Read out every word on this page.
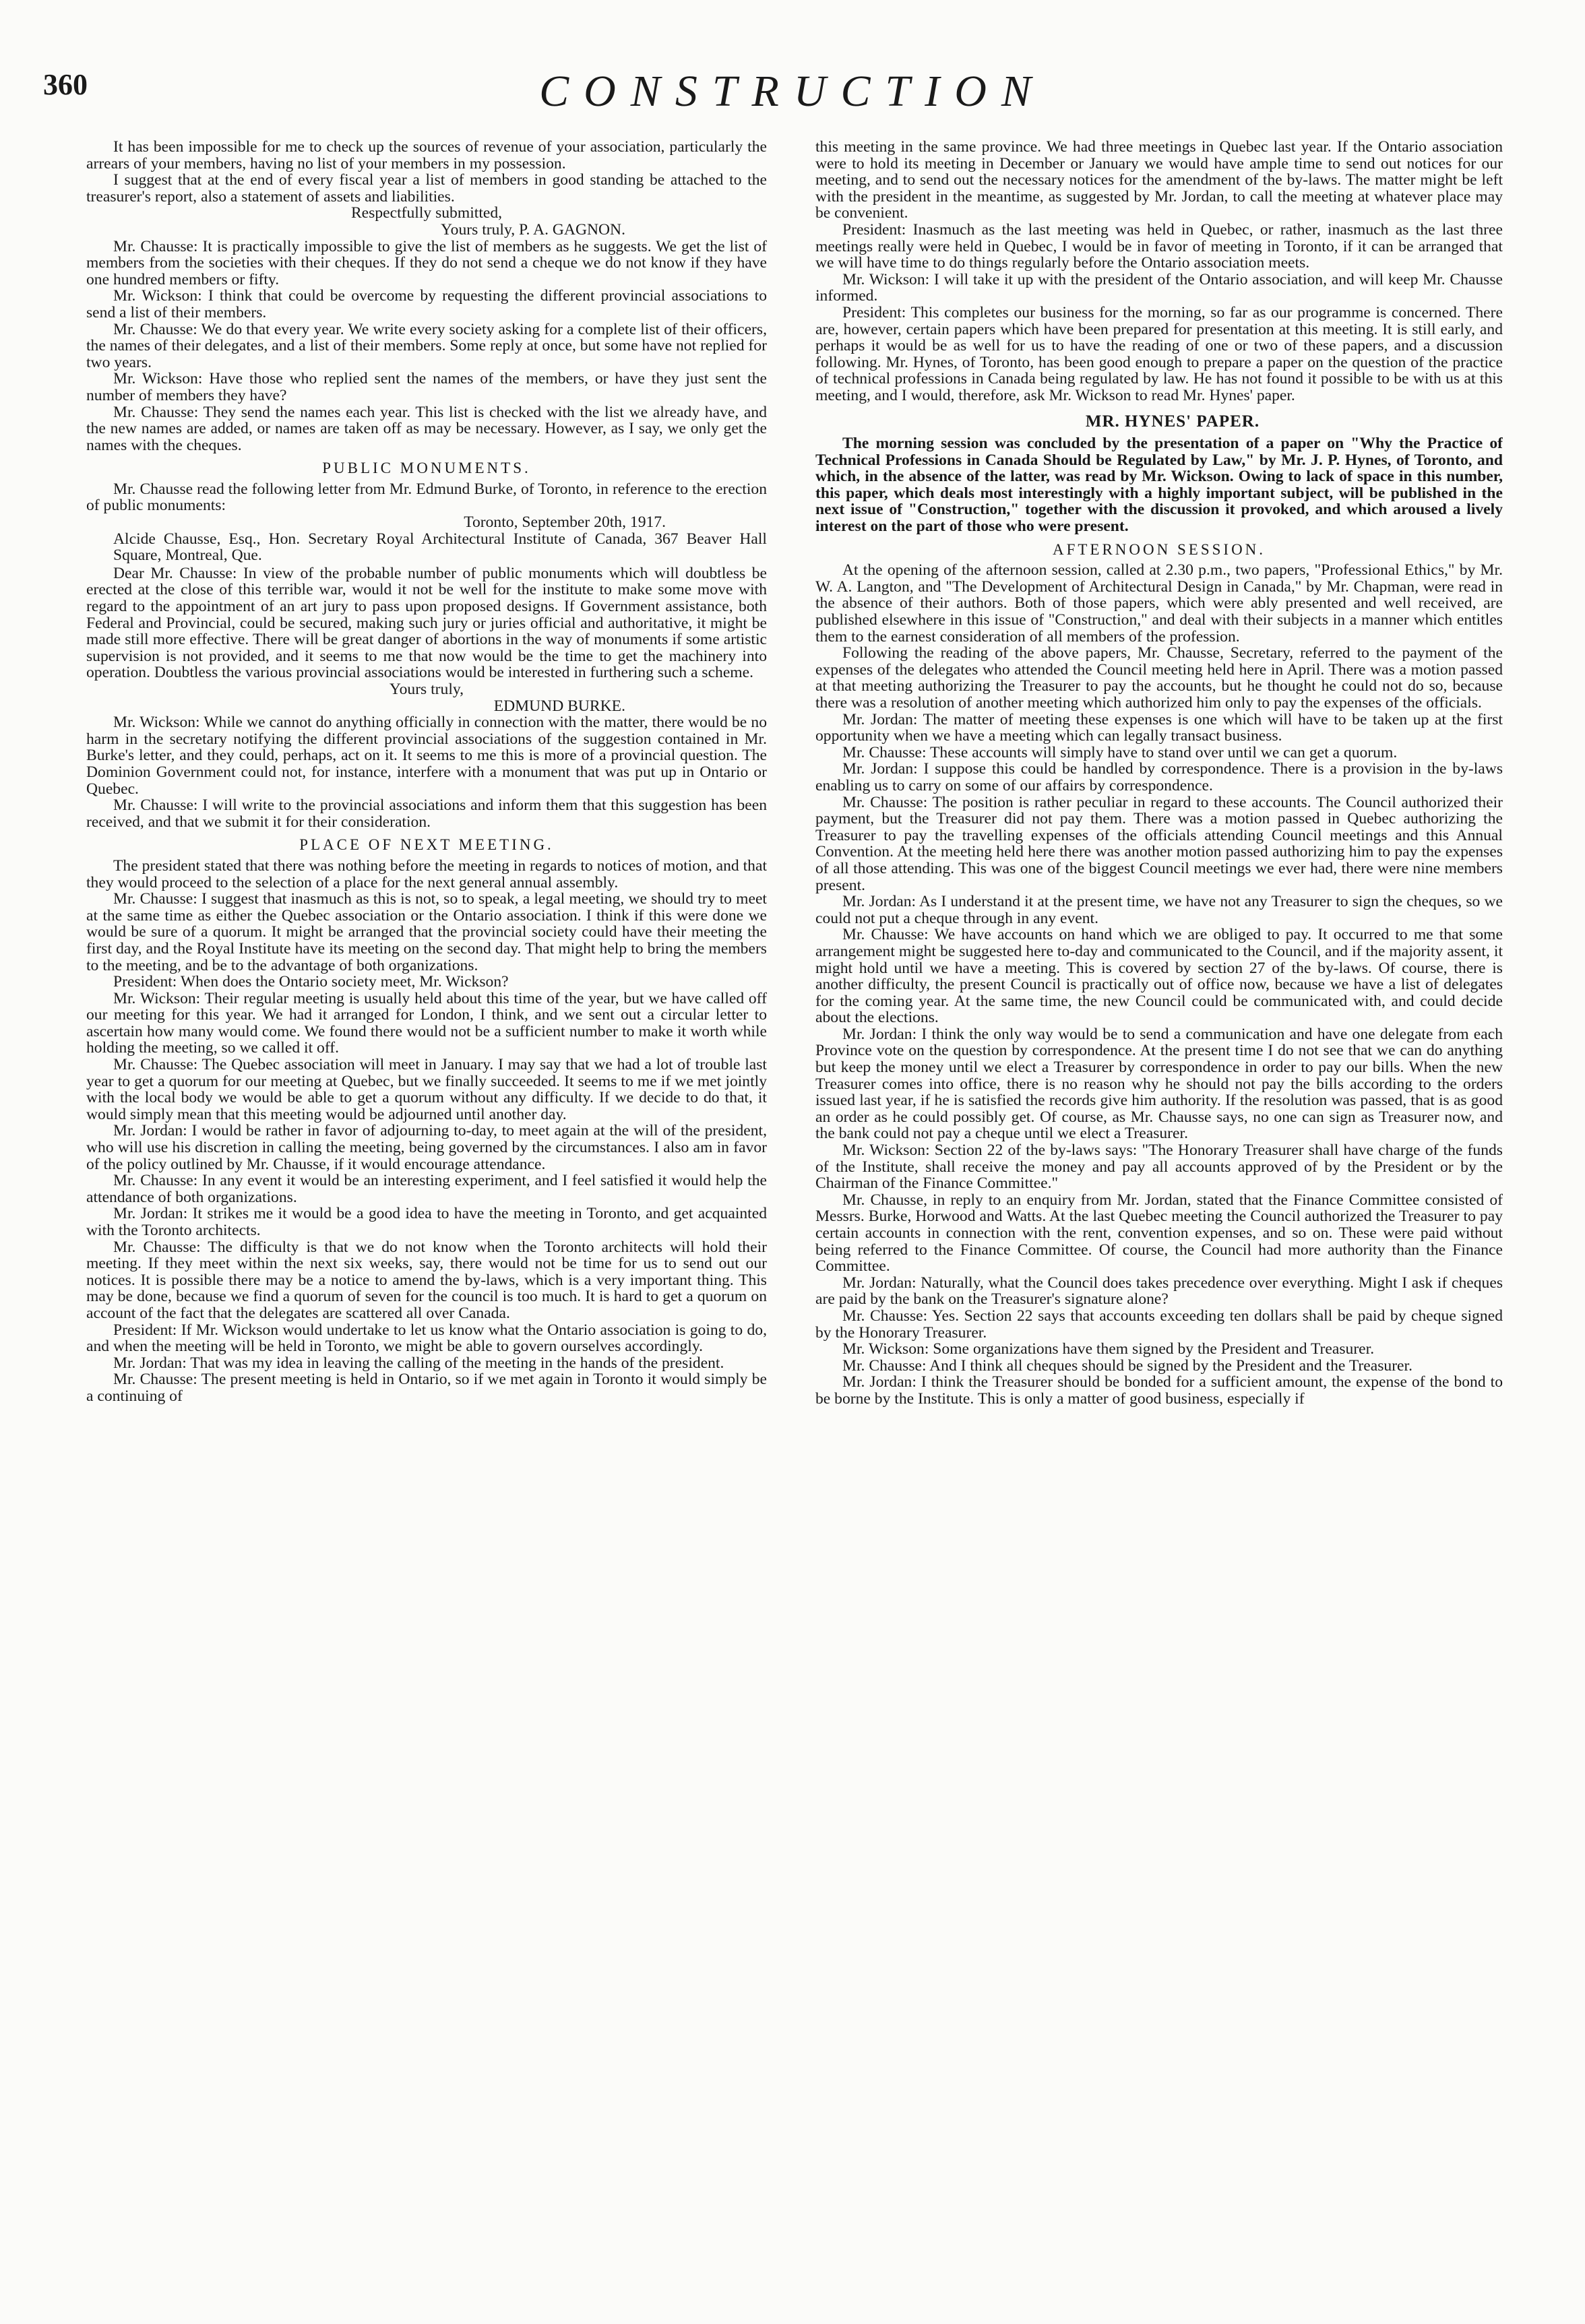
360	CONSTRUCTION

It has been impossible for me to check up the sources of revenue of your association, particularly the arrears of your members, having no list of your members in my possession.

I suggest that at the end of every fiscal year a list of members in good standing be attached to the treasurer's report, also a statement of assets and liabilities.

Respectfully submitted,

Yours truly, P. A. GAGNON.

Mr. Chausse: It is practically impossible to give the list of members as he suggests. We get the list of members from the societies with their cheques. If they do not send a cheque we do not know if they have one hundred members or fifty.

Mr. Wickson: I think that could be overcome by requesting the different provincial associations to send a list of their members.

Mr. Chausse: We do that every year. We write every society asking for a complete list of their officers, the names of their delegates, and a list of their members. Some reply at once, but some have not replied for two years.

Mr. Wickson: Have those who replied sent the names of the members, or have they just sent the number of members they have?

Mr. Chausse: They send the names each year. This list is checked with the list we already have, and the new names are added, or names are taken off as may be necessary. However, as I say, we only get the names with the cheques.

PUBLIC MONUMENTS.

Mr. Chausse read the following letter from Mr. Edmund Burke, of Toronto, in reference to the erection of public monuments:

Toronto, September 20th, 1917.

Alcide Chausse, Esq., Hon. Secretary Royal Architectural Institute of Canada, 367 Beaver Hall Square, Montreal, Que.

Dear Mr. Chausse: In view of the probable number of public monuments which will doubtless be erected at the close of this terrible war, would it not be well for the institute to make some move with regard to the appointment of an art jury to pass upon proposed designs. If Government assistance, both Federal and Provincial, could be secured, making such jury or juries official and authoritative, it might be made still more effective. There will be great danger of abortions in the way of monuments if some artistic supervision is not provided, and it seems to me that now would be the time to get the machinery into operation. Doubtless the various provincial associations would be interested in furthering such a scheme.

Yours truly,

EDMUND BURKE.

Mr. Wickson: While we cannot do anything officially in connection with the matter, there would be no harm in the secretary notifying the different provincial associations of the suggestion contained in Mr. Burke's letter, and they could, perhaps, act on it. It seems to me this is more of a provincial question. The Dominion Government could not, for instance, interfere with a monument that was put up in Ontario or Quebec.

Mr. Chausse: I will write to the provincial associations and inform them that this suggestion has been received, and that we submit it for their consideration.

PLACE OF NEXT MEETING.

The president stated that there was nothing before the meeting in regards to notices of motion, and that they would proceed to the selection of a place for the next general annual assembly.

Mr. Chausse: I suggest that inasmuch as this is not, so to speak, a legal meeting, we should try to meet at the same time as either the Quebec association or the Ontario association. I think if this were done we would be sure of a quorum. It might be arranged that the provincial society could have their meeting the first day, and the Royal Institute have its meeting on the second day. That might help to bring the members to the meeting, and be to the advantage of both organizations.

President: When does the Ontario society meet, Mr. Wickson?

Mr. Wickson: Their regular meeting is usually held about this time of the year, but we have called off our meeting for this year. We had it arranged for London, I think, and we sent out a circular letter to ascertain how many would come. We found there would not be a sufficient number to make it worth while holding the meeting, so we called it off.

Mr. Chausse: The Quebec association will meet in January. I may say that we had a lot of trouble last year to get a quorum for our meeting at Quebec, but we finally succeeded. It seems to me if we met jointly with the local body we would be able to get a quorum without any difficulty. If we decide to do that, it would simply mean that this meeting would be adjourned until another day.

Mr. Jordan: I would be rather in favor of adjourning to-day, to meet again at the will of the president, who will use his discretion in calling the meeting, being governed by the circumstances. I also am in favor of the policy outlined by Mr. Chausse, if it would encourage attendance.

Mr. Chausse: In any event it would be an interesting experiment, and I feel satisfied it would help the attendance of both organizations.

Mr. Jordan: It strikes me it would be a good idea to have the meeting in Toronto, and get acquainted with the Toronto architects.

Mr. Chausse: The difficulty is that we do not know when the Toronto architects will hold their meeting. If they meet within the next six weeks, say, there would not be time for us to send out our notices. It is possible there may be a notice to amend the by-laws, which is a very important thing. This may be done, because we find a quorum of seven for the council is too much. It is hard to get a quorum on account of the fact that the delegates are scattered all over Canada.

President: If Mr. Wickson would undertake to let us know what the Ontario association is going to do, and when the meeting will be held in Toronto, we might be able to govern ourselves accordingly.

Mr. Jordan: That was my idea in leaving the calling of the meeting in the hands of the president.

Mr. Chausse: The present meeting is held in Ontario, so if we met again in Toronto it would simply be a continuing of

this meeting in the same province. We had three meetings in Quebec last year. If the Ontario association were to hold its meeting in December or January we would have ample time to send out notices for our meeting, and to send out the necessary notices for the amendment of the by-laws. The matter might be left with the president in the meantime, as suggested by Mr. Jordan, to call the meeting at whatever place may be convenient.

President: Inasmuch as the last meeting was held in Quebec, or rather, inasmuch as the last three meetings really were held in Quebec, I would be in favor of meeting in Toronto, if it can be arranged that we will have time to do things regularly before the Ontario association meets.

Mr. Wickson: I will take it up with the president of the Ontario association, and will keep Mr. Chausse informed.

President: This completes our business for the morning, so far as our programme is concerned. There are, however, certain papers which have been prepared for presentation at this meeting. It is still early, and perhaps it would be as well for us to have the reading of one or two of these papers, and a discussion following. Mr. Hynes, of Toronto, has been good enough to prepare a paper on the question of the practice of technical professions in Canada being regulated by law. He has not found it possible to be with us at this meeting, and I would, therefore, ask Mr. Wickson to read Mr. Hynes' paper.

MR. HYNES' PAPER.

The morning session was concluded by the presentation of a paper on "Why the Practice of Technical Professions in Canada Should be Regulated by Law," by Mr. J. P. Hynes, of Toronto, and which, in the absence of the latter, was read by Mr. Wickson. Owing to lack of space in this number, this paper, which deals most interestingly with a highly important subject, will be published in the next issue of "Construction," together with the discussion it provoked, and which aroused a lively interest on the part of those who were present.

AFTERNOON SESSION.

At the opening of the afternoon session, called at 2.30 p.m., two papers, "Professional Ethics," by Mr. W. A. Langton, and "The Development of Architectural Design in Canada," by Mr. Chapman, were read in the absence of their authors. Both of those papers, which were ably presented and well received, are published elsewhere in this issue of "Construction," and deal with their subjects in a manner which entitles them to the earnest consideration of all members of the profession.

Following the reading of the above papers, Mr. Chausse, Secretary, referred to the payment of the expenses of the delegates who attended the Council meeting held here in April. There was a motion passed at that meeting authorizing the Treasurer to pay the accounts, but he thought he could not do so, because there was a resolution of another meeting which authorized him only to pay the expenses of the officials.

Mr. Jordan: The matter of meeting these expenses is one which will have to be taken up at the first opportunity when we have a meeting which can legally transact business.

Mr. Chausse: These accounts will simply have to stand over until we can get a quorum.

Mr. Jordan: I suppose this could be handled by correspondence. There is a provision in the by-laws enabling us to carry on some of our affairs by correspondence.

Mr. Chausse: The position is rather peculiar in regard to these accounts. The Council authorized their payment, but the Treasurer did not pay them. There was a motion passed in Quebec authorizing the Treasurer to pay the travelling expenses of the officials attending Council meetings and this Annual Convention. At the meeting held here there was another motion passed authorizing him to pay the expenses of all those attending. This was one of the biggest Council meetings we ever had, there were nine members present.

Mr. Jordan: As I understand it at the present time, we have not any Treasurer to sign the cheques, so we could not put a cheque through in any event.

Mr. Chausse: We have accounts on hand which we are obliged to pay. It occurred to me that some arrangement might be suggested here to-day and communicated to the Council, and if the majority assent, it might hold until we have a meeting. This is covered by section 27 of the by-laws. Of course, there is another difficulty, the present Council is practically out of office now, because we have a list of delegates for the coming year. At the same time, the new Council could be communicated with, and could decide about the elections.

Mr. Jordan: I think the only way would be to send a communication and have one delegate from each Province vote on the question by correspondence. At the present time I do not see that we can do anything but keep the money until we elect a Treasurer by correspondence in order to pay our bills. When the new Treasurer comes into office, there is no reason why he should not pay the bills according to the orders issued last year, if he is satisfied the records give him authority. If the resolution was passed, that is as good an order as he could possibly get. Of course, as Mr. Chausse says, no one can sign as Treasurer now, and the bank could not pay a cheque until we elect a Treasurer.

Mr. Wickson: Section 22 of the by-laws says: "The Honorary Treasurer shall have charge of the funds of the Institute, shall receive the money and pay all accounts approved of by the President or by the Chairman of the Finance Committee."

Mr. Chausse, in reply to an enquiry from Mr. Jordan, stated that the Finance Committee consisted of Messrs. Burke, Horwood and Watts. At the last Quebec meeting the Council authorized the Treasurer to pay certain accounts in connection with the rent, convention expenses, and so on. These were paid without being referred to the Finance Committee. Of course, the Council had more authority than the Finance Committee.

Mr. Jordan: Naturally, what the Council does takes precedence over everything. Might I ask if cheques are paid by the bank on the Treasurer's signature alone?

Mr. Chausse: Yes. Section 22 says that accounts exceeding ten dollars shall be paid by cheque signed by the Honorary Treasurer.

Mr. Wickson: Some organizations have them signed by the President and Treasurer.

Mr. Chausse: And I think all cheques should be signed by the President and the Treasurer.

Mr. Jordan: I think the Treasurer should be bonded for a sufficient amount, the expense of the bond to be borne by the Institute. This is only a matter of good business, especially if
